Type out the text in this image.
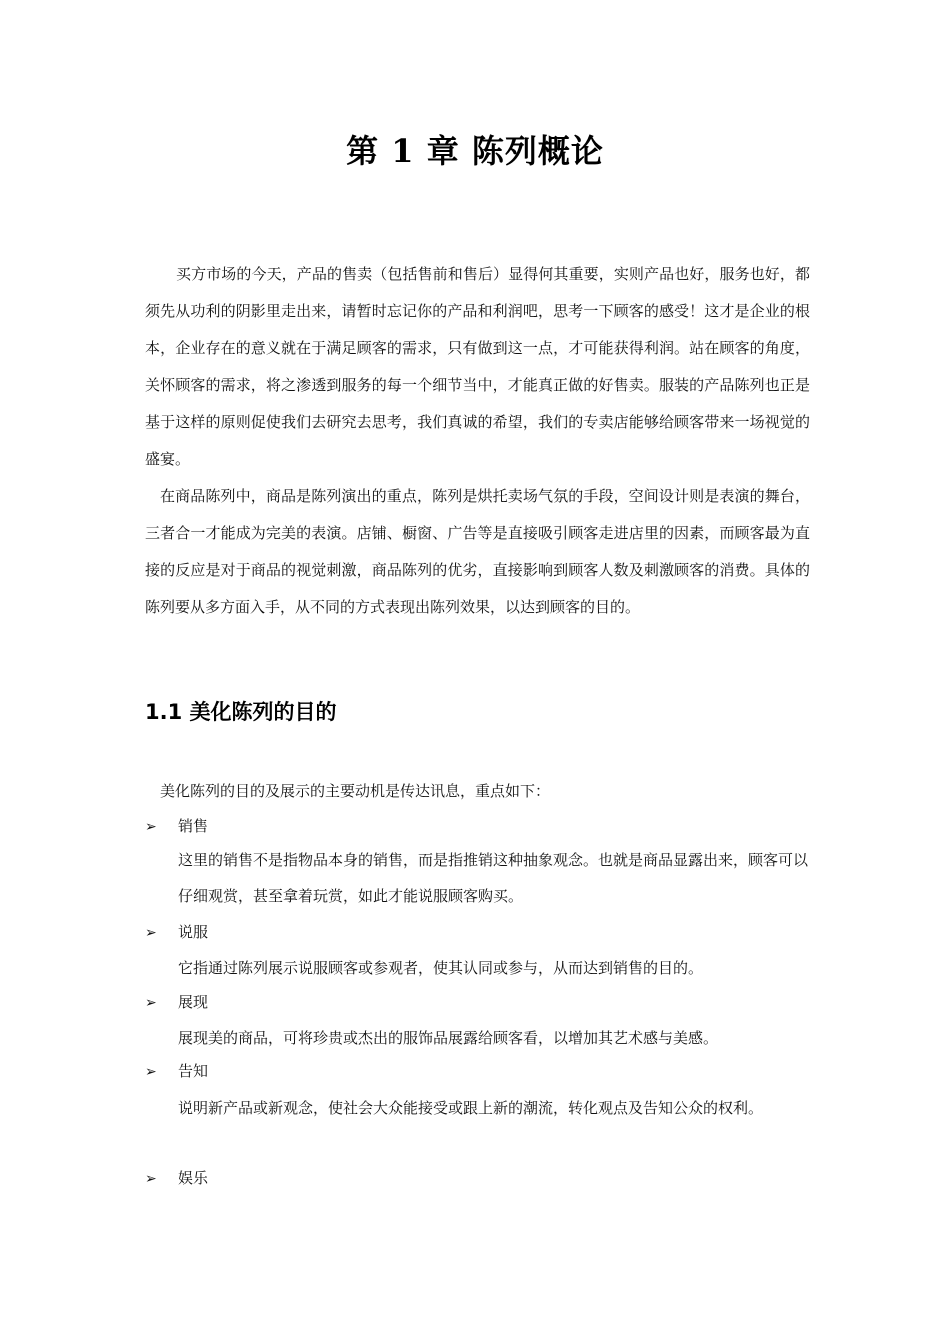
第 1 章 陈列概论

买方市场的今天，产品的售卖（包括售前和售后）显得何其重要，实则产品也好，服务也好，都须先从功利的阴影里走出来，请暂时忘记你的产品和利润吧，思考一下顾客的感受！这才是企业的根本，企业存在的意义就在于满足顾客的需求，只有做到这一点，才可能获得利润。站在顾客的角度，关怀顾客的需求，将之渗透到服务的每一个细节当中，才能真正做的好售卖。服装的产品陈列也正是基于这样的原则促使我们去研究去思考，我们真诚的希望，我们的专卖店能够给顾客带来一场视觉的盛宴。

在商品陈列中，商品是陈列演出的重点，陈列是烘托卖场气氛的手段，空间设计则是表演的舞台，三者合一才能成为完美的表演。店铺、橱窗、广告等是直接吸引顾客走进店里的因素，而顾客最为直接的反应是对于商品的视觉刺激，商品陈列的优劣，直接影响到顾客人数及刺激顾客的消费。具体的陈列要从多方面入手，从不同的方式表现出陈列效果，以达到顾客的目的。

1.1 美化陈列的目的
美化陈列的目的及展示的主要动机是传达讯息，重点如下：
➢ 销售

这里的销售不是指物品本身的销售，而是指推销这种抽象观念。也就是商品显露出来，顾客可以仔细观赏，甚至拿着玩赏，如此才能说服顾客购买。

➢ 说服

它指通过陈列展示说服顾客或参观者，使其认同或参与，从而达到销售的目的。

➢ 展现

展现美的商品，可将珍贵或杰出的服饰品展露给顾客看，以增加其艺术感与美感。

➢ 告知

说明新产品或新观念，使社会大众能接受或跟上新的潮流，转化观点及告知公众的权利。

➢ 娱乐
